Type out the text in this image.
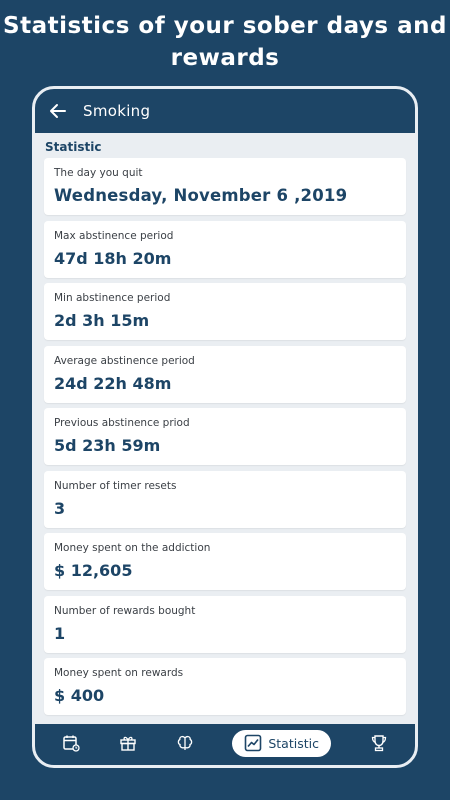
Statistics of your sober days and rewards
Smoking
Statistic
The day you quit
Wednesday, November 6 ,2019
Max abstinence period
47d 18h 20m
Min abstinence period
2d 3h 15m
Average abstinence period
24d 22h 48m
Previous abstinence priod
5d 23h 59m
Number of timer resets
3
Money spent on the addiction
$ 12,605
Number of rewards bought
1
Money spent on rewards
$ 400
Statistic
